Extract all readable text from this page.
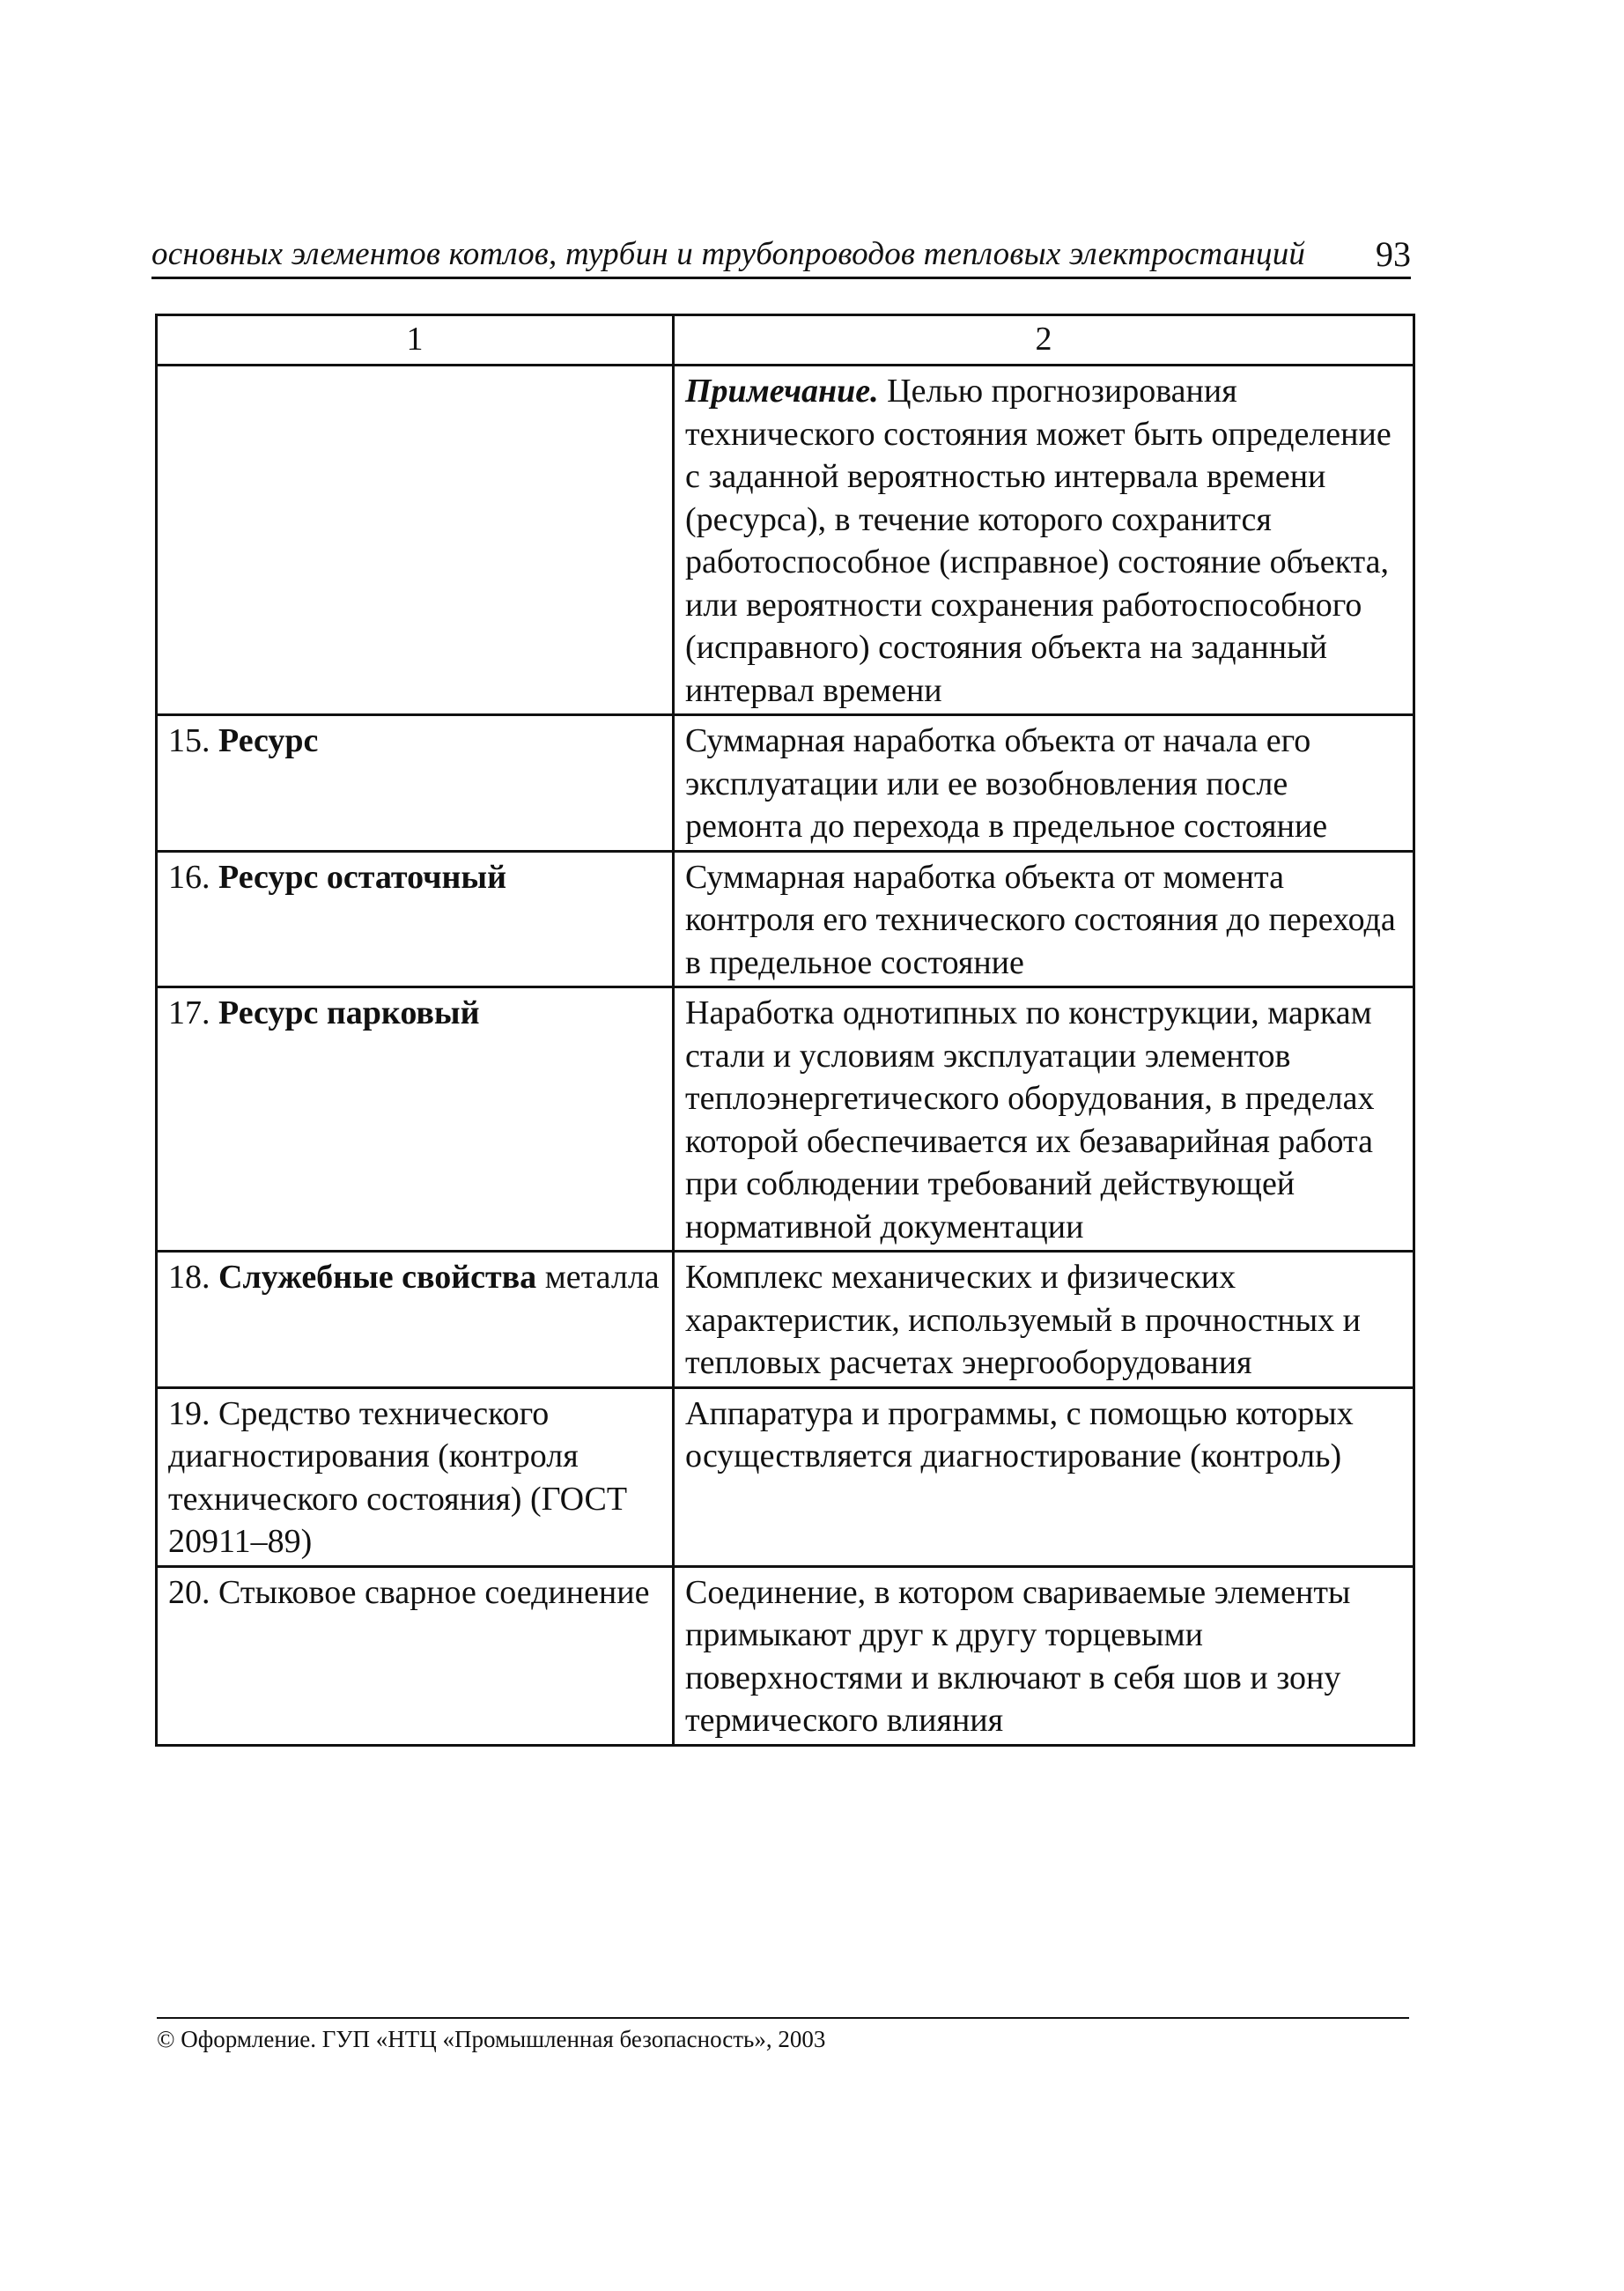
основных элементов котлов, турбин и трубопроводов тепловых электростанций 93
1	2
	Примечание. Целью прогнозирования технического состояния может быть определение с заданной вероятностью интервала времени (ресурса), в течение которого сохранится работоспособное (исправное) состояние объекта, или вероятности сохранения работоспособного (исправного) состояния объекта на заданный интервал времени
15. Ресурс	Суммарная наработка объекта от начала его эксплуатации или ее возобновления после ремонта до перехода в предельное состояние
16. Ресурс остаточный	Суммарная наработка объекта от момента контроля его технического состояния до перехода в предельное состояние
17. Ресурс парковый	Наработка однотипных по конструкции, маркам стали и условиям эксплуатации элементов теплоэнергетического оборудования, в пределах которой обеспечивается их безаварийная работа при соблюдении требований действующей нормативной документации
18. Служебные свойства металла	Комплекс механических и физических характеристик, используемый в прочностных и тепловых расчетах энергооборудования
19. Средство технического диагностирования (контроля технического состояния) (ГОСТ 20911–89)	Аппаратура и программы, с помощью которых осуществляется диагностирование (контроль)
20. Стыковое сварное соединение	Соединение, в котором свариваемые элементы примыкают друг к другу торцевыми поверхностями и включают в себя шов и зону термического влияния
© Оформление. ГУП «НТЦ «Промышленная безопасность», 2003
